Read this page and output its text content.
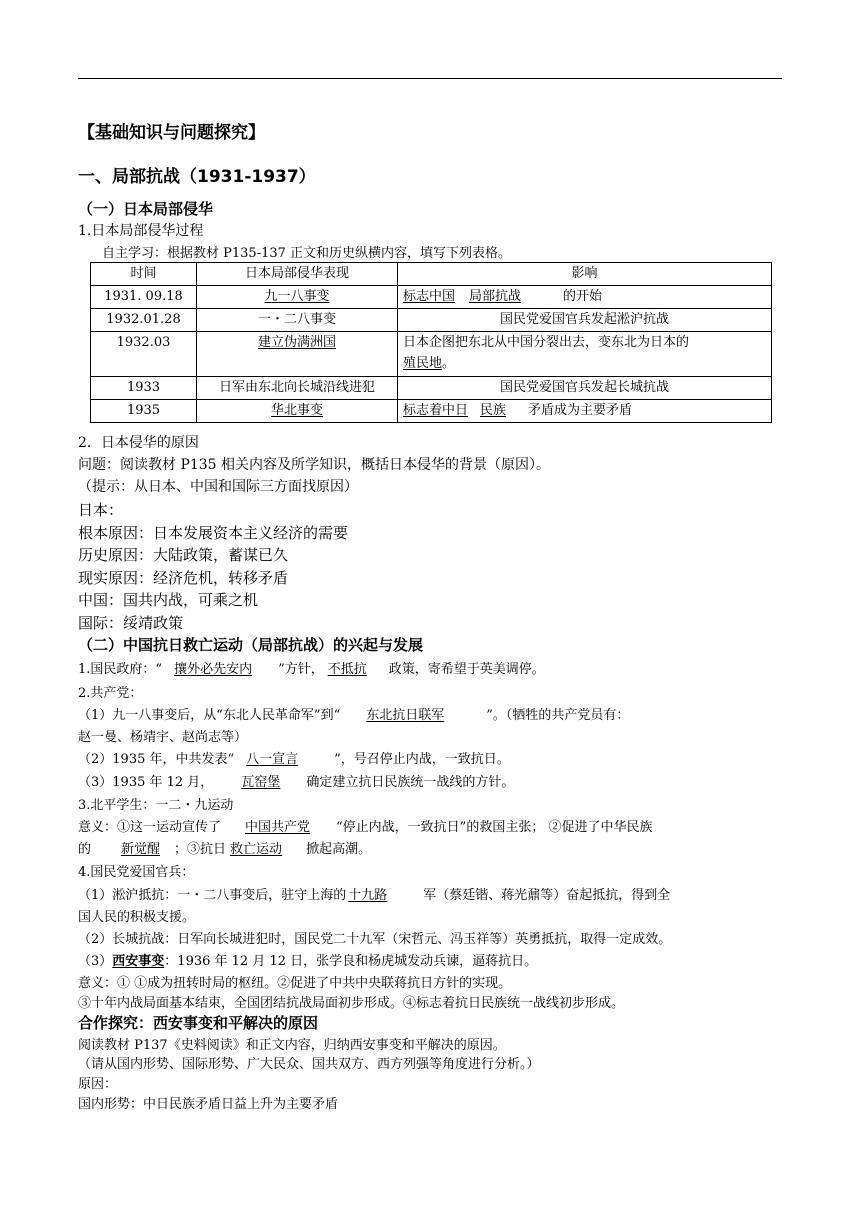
【基础知识与问题探究】
一、局部抗战（1931-1937）
（一）日本局部侵华
1.日本局部侵华过程
自主学习：根据教材 P135-137 正文和历史纵横内容，填写下列表格。
时间	日本局部侵华表现	影响
1931. 09.18	九一八事变	标志中国 局部抗战 的开始
1932.01.28	一・二八事变	国民党爱国官兵发起淞沪抗战
1932.03	建立伪满洲国	日本企图把东北从中国分裂出去，变东北为日本的
殖民地。
1933	日军由东北向长城沿线进犯	国民党爱国官兵发起长城抗战
1935	华北事变	标志着中日 民族 矛盾成为主要矛盾
2．日本侵华的原因
问题：阅读教材 P135 相关内容及所学知识，概括日本侵华的背景（原因）。
（提示：从日本、中国和国际三方面找原因）
日本：
根本原因：日本发展资本主义经济的需要
历史原因：大陆政策，蓄谋已久
现实原因：经济危机，转移矛盾
中国：国共内战，可乘之机
国际：绥靖政策
（二）中国抗日救亡运动（局部抗战）的兴起与发展
1.国民政府：“ 攘外必先安内 ”方针， 不抵抗 政策，寄希望于英美调停。
2.共产党：
（1）九一八事变后，从“东北人民革命军”到“ 东北抗日联军	”。（牺牲的共产党员有：
赵一曼、杨靖宇、赵尚志等）
（2）1935 年，中共发表“ 八一宣言	”，号召停止内战，一致抗日。
（3）1935 年 12 月， 瓦窑堡 确定建立抗日民族统一战线的方针。
3.北平学生：一二・九运动
意义：①这一运动宣传了 中国共产党 “停止内战，一致抗日”的救国主张； ②促进了中华民族
的 新觉醒 ；③抗日 救亡运动 掀起高潮。
4.国民党爱国官兵：
（1）淞沪抵抗：一・二八事变后，驻守上海的 十九路	军（蔡廷锴、蒋光鼐等）奋起抵抗，得到全
国人民的积极支援。
（2）长城抗战：日军向长城进犯时，国民党二十九军（宋哲元、冯玉祥等）英勇抵抗，取得一定成效。
（3）西安事变：1936 年 12 月 12 日，张学良和杨虎城发动兵谏，逼蒋抗日。
意义：① ①成为扭转时局的枢纽。②促进了中共中央联蒋抗日方针的实现。
③十年内战局面基本结束，全国团结抗战局面初步形成。④标志着抗日民族统一战线初步形成。
合作探究：西安事变和平解决的原因
阅读教材 P137《史料阅读》和正文内容，归纳西安事变和平解决的原因。
（请从国内形势、国际形势、广大民众、国共双方、西方列强等角度进行分析。）
原因：
国内形势：中日民族矛盾日益上升为主要矛盾
